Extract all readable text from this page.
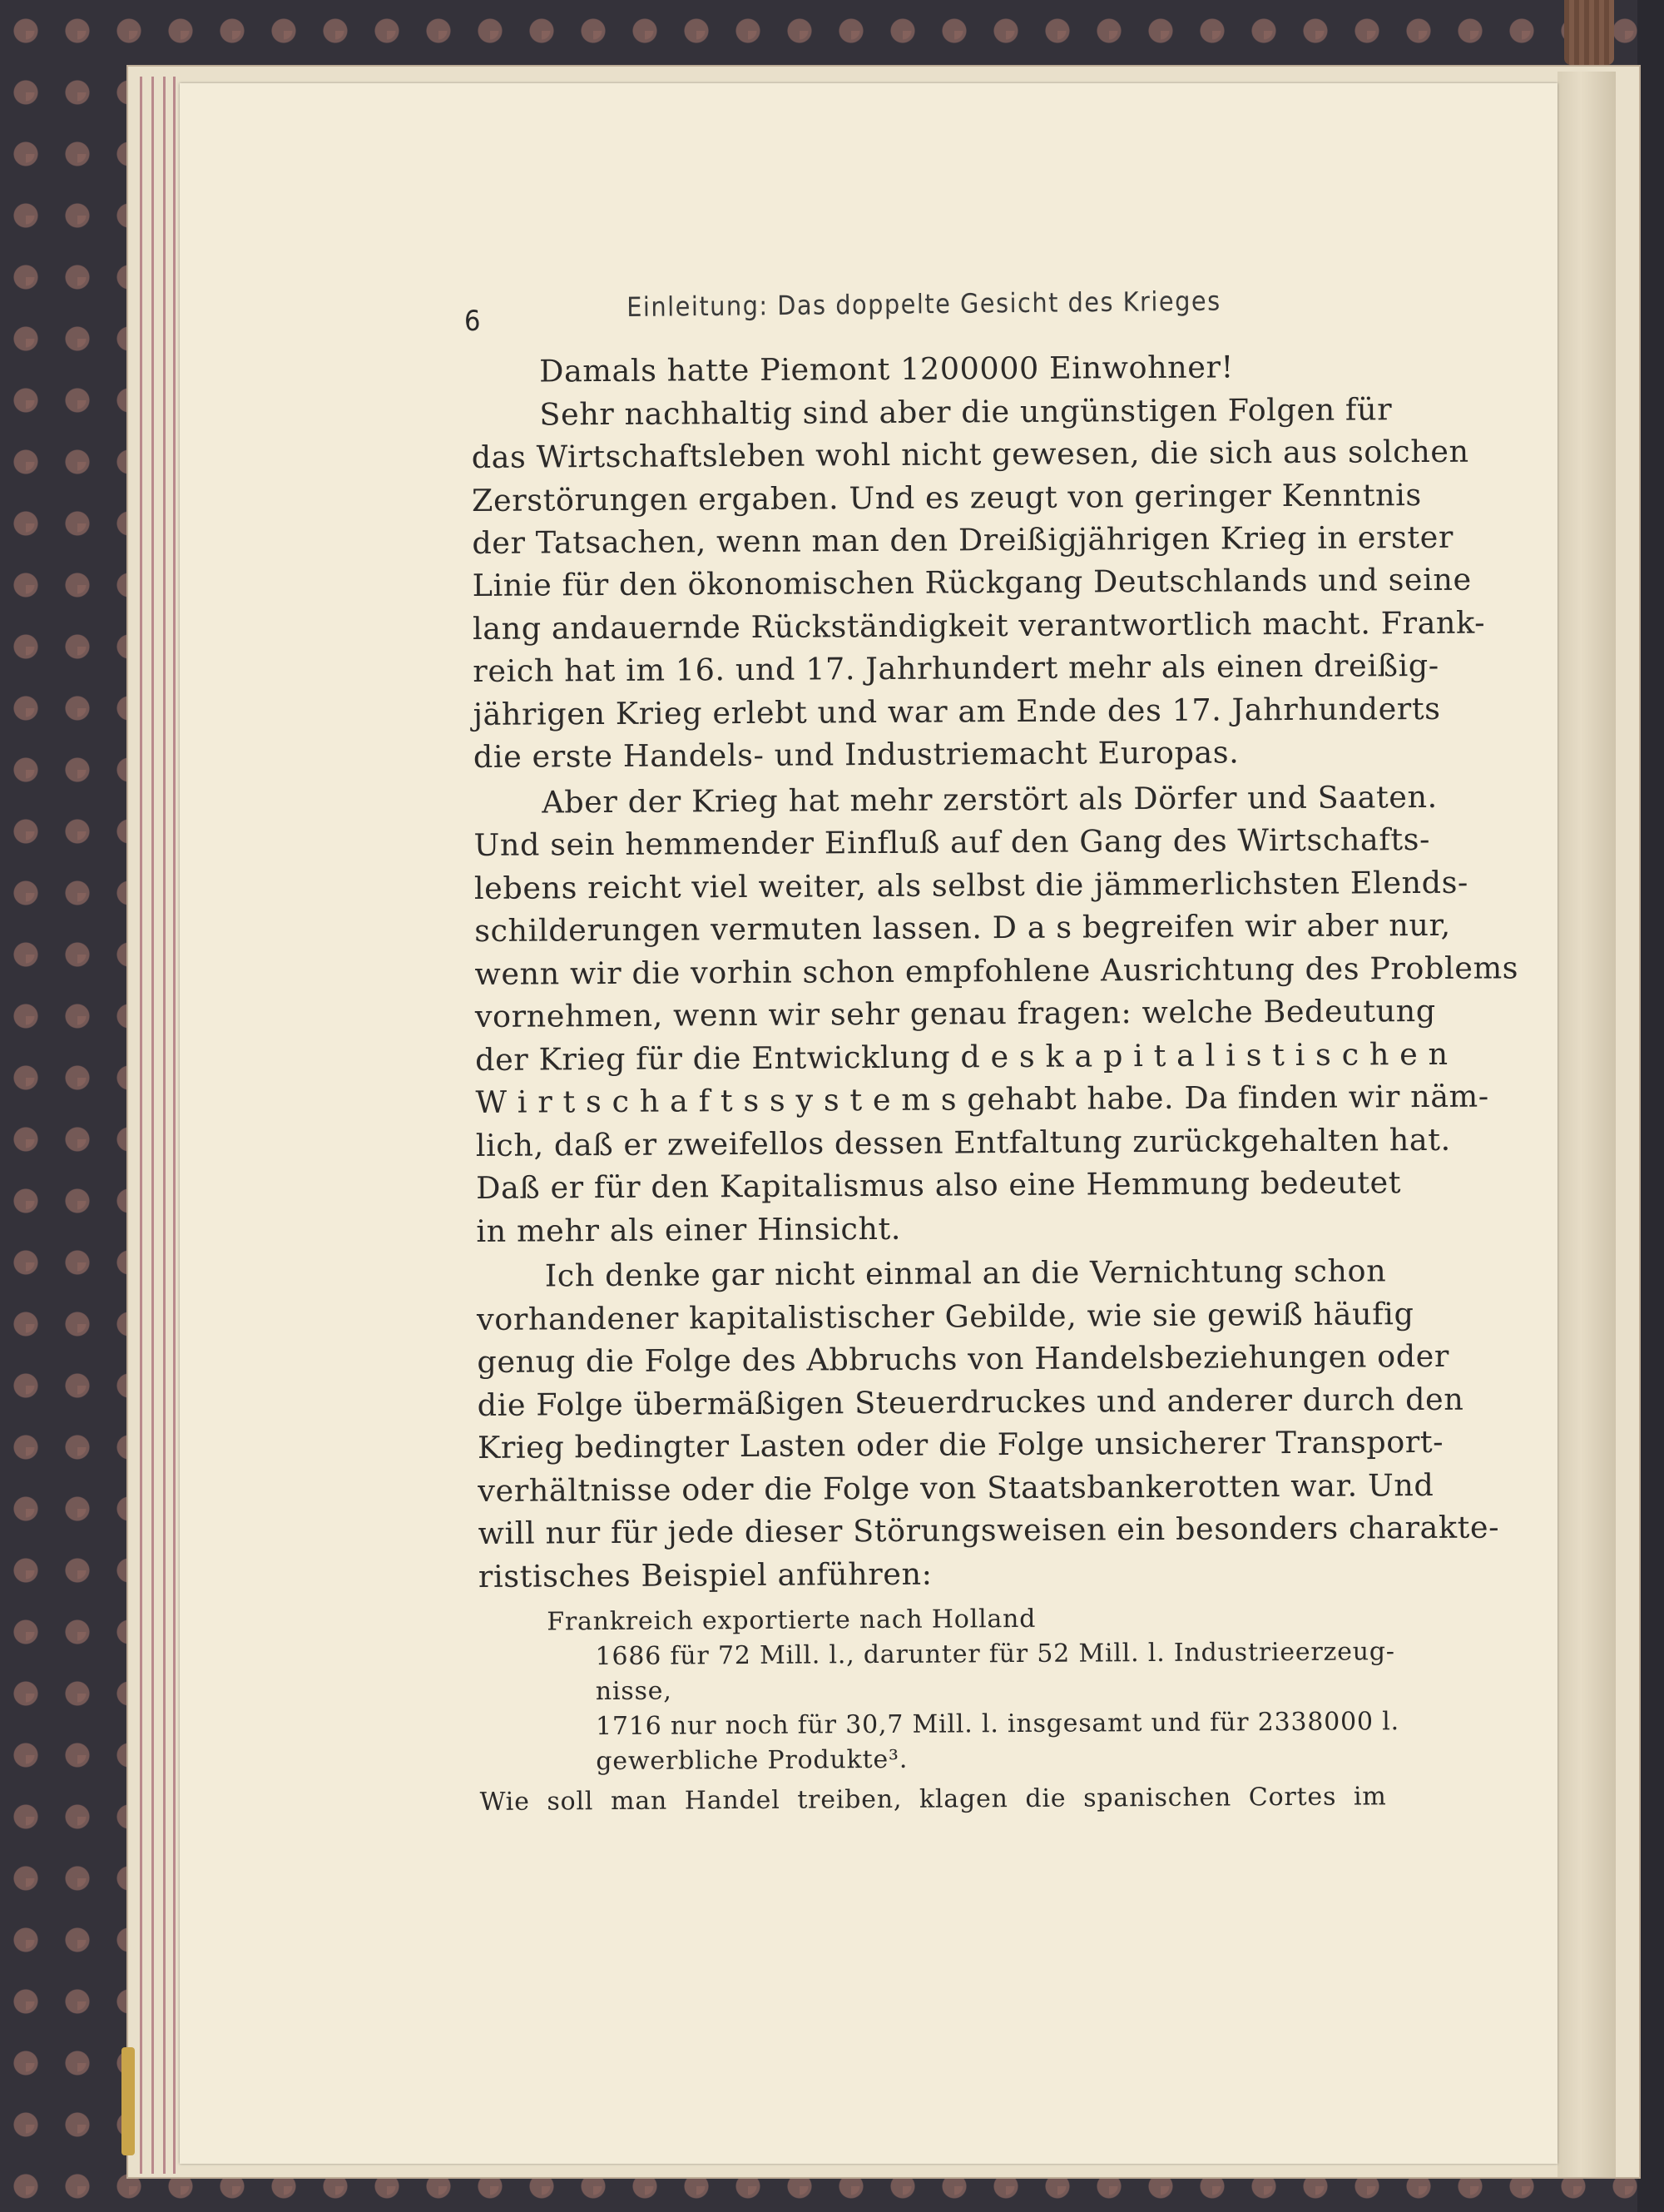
6	Einleitung: Das doppelte Gesicht des Krieges
Damals hatte Piemont 1200000 Einwohner!
Sehr nachhaltig sind aber die ungünstigen Folgen für
das Wirtschaftsleben wohl nicht gewesen, die sich aus solchen
Zerstörungen ergaben. Und es zeugt von geringer Kenntnis
der Tatsachen, wenn man den Dreißigjährigen Krieg in erster
Linie für den ökonomischen Rückgang Deutschlands und seine
lang andauernde Rückständigkeit verantwortlich macht. Frank-
reich hat im 16. und 17. Jahrhundert mehr als einen dreißig-
jährigen Krieg erlebt und war am Ende des 17. Jahrhunderts
die erste Handels- und Industriemacht Europas.
Aber der Krieg hat mehr zerstört als Dörfer und Saaten.
Und sein hemmender Einfluß auf den Gang des Wirtschafts-
lebens reicht viel weiter, als selbst die jämmerlichsten Elends-
schilderungen vermuten lassen. D a s begreifen wir aber nur,
wenn wir die vorhin schon empfohlene Ausrichtung des Problems
vornehmen, wenn wir sehr genau fragen: welche Bedeutung
der Krieg für die Entwicklung d e s k a p i t a l i s t i s c h e n
W i r t s c h a f t s s y s t e m s gehabt habe. Da finden wir näm-
lich, daß er zweifellos dessen Entfaltung zurückgehalten hat.
Daß er für den Kapitalismus also eine Hemmung bedeutet
in mehr als einer Hinsicht.
Ich denke gar nicht einmal an die Vernichtung schon
vorhandener kapitalistischer Gebilde, wie sie gewiß häufig
genug die Folge des Abbruchs von Handelsbeziehungen oder
die Folge übermäßigen Steuerdruckes und anderer durch den
Krieg bedingter Lasten oder die Folge unsicherer Transport-
verhältnisse oder die Folge von Staatsbankerotten war. Und
will nur für jede dieser Störungsweisen ein besonders charakte-
ristisches Beispiel anführen:
Frankreich exportierte nach Holland
1686 für 72 Mill. l., darunter für 52 Mill. l. Industrieerzeug-
nisse,
1716 nur noch für 30,7 Mill. l. insgesamt und für 2338000 l.
gewerbliche Produkte³.
Wie soll man Handel treiben, klagen die spanischen Cortes im
